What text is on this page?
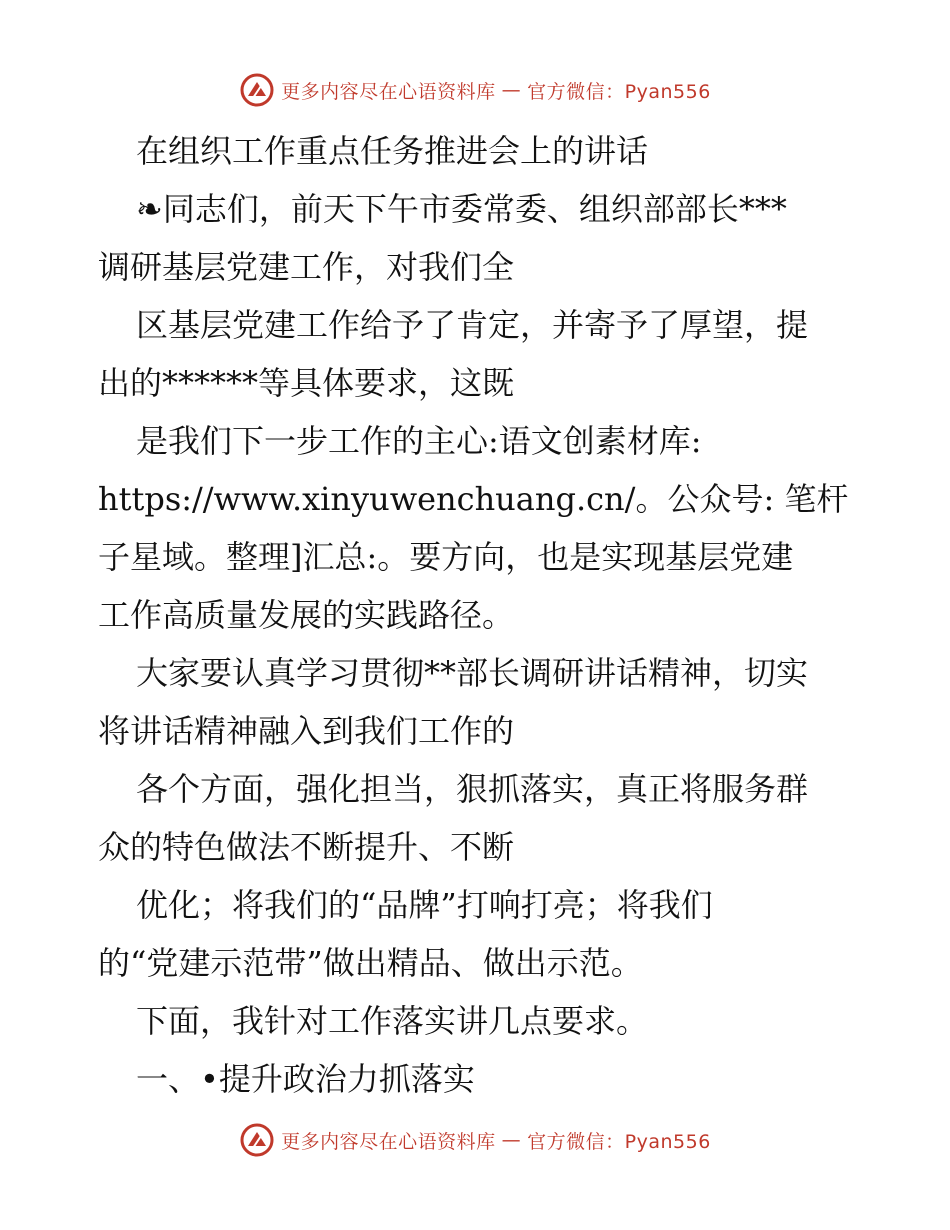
更多内容尽在心语资料库 — 官方微信：Pyan556

在组织工作重点任务推进会上的讲话

❧同志们，前天下午市委常委、组织部部长***

调研基层党建工作，对我们全

区基层党建工作给予了肯定，并寄予了厚望，提

出的******等具体要求，这既

是我们下一步工作的主心:语文创素材库:

https://www.xinyuwenchuang.cn/。公众号: 笔杆

子星域。整理]汇总:。要方向，也是实现基层党建

工作高质量发展的实践路径。

大家要认真学习贯彻**部长调研讲话精神，切实

将讲话精神融入到我们工作的

各个方面，强化担当，狠抓落实，真正将服务群

众的特色做法不断提升、不断

优化；将我们的“品牌”打响打亮；将我们

的“党建示范带”做出精品、做出示范。

下面，我针对工作落实讲几点要求。

一、•提升政治力抓落实

更多内容尽在心语资料库 — 官方微信：Pyan556
